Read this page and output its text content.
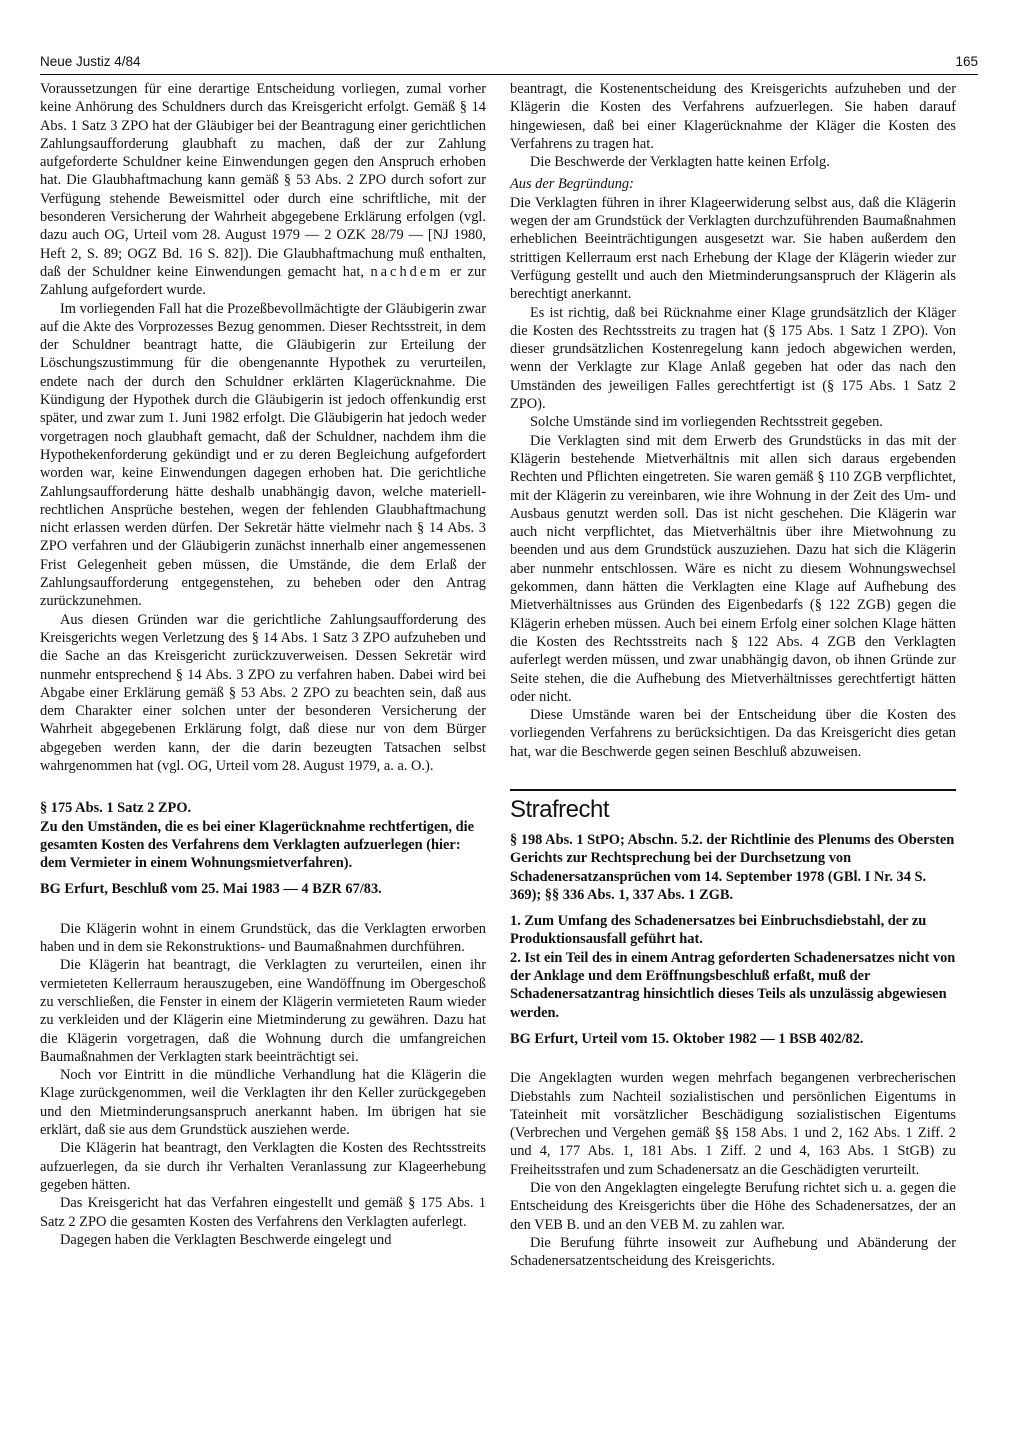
Neue Justiz 4/84	165

Voraussetzungen für eine derartige Entscheidung vorliegen, zumal vorher keine Anhörung des Schuldners durch das Kreisgericht erfolgt. Gemäß § 14 Abs. 1 Satz 3 ZPO hat der Gläubiger bei der Beantragung einer gerichtlichen Zahlungsaufforderung glaubhaft zu machen, daß der zur Zahlung aufgeforderte Schuldner keine Einwendungen gegen den Anspruch erhoben hat. Die Glaubhaftmachung kann gemäß § 53 Abs. 2 ZPO durch sofort zur Verfügung stehende Beweismittel oder durch eine schriftliche, mit der besonderen Versicherung der Wahrheit abgegebene Erklärung erfolgen (vgl. dazu auch OG, Urteil vom 28. August 1979 — 2 OZK 28/79 — [NJ 1980, Heft 2, S. 89; OGZ Bd. 16 S. 82]). Die Glaubhaftmachung muß enthalten, daß der Schuldner keine Einwendungen gemacht hat, nachdem er zur Zahlung aufgefordert wurde.

Im vorliegenden Fall hat die Prozeßbevollmächtigte der Gläubigerin zwar auf die Akte des Vorprozesses Bezug genommen. Dieser Rechtsstreit, in dem der Schuldner beantragt hatte, die Gläubigerin zur Erteilung der Löschungszustimmung für die obengenannte Hypothek zu verurteilen, endete nach der durch den Schuldner erklärten Klagerücknahme. Die Kündigung der Hypothek durch die Gläubigerin ist jedoch offenkundig erst später, und zwar zum 1. Juni 1982 erfolgt. Die Gläubigerin hat jedoch weder vorgetragen noch glaubhaft gemacht, daß der Schuldner, nachdem ihm die Hypothekenforderung gekündigt und er zu deren Begleichung aufgefordert worden war, keine Einwendungen dagegen erhoben hat. Die gerichtliche Zahlungsaufforderung hätte deshalb unabhängig davon, welche materiell-rechtlichen Ansprüche bestehen, wegen der fehlenden Glaubhaftmachung nicht erlassen werden dürfen. Der Sekretär hätte vielmehr nach § 14 Abs. 3 ZPO verfahren und der Gläubigerin zunächst innerhalb einer angemessenen Frist Gelegenheit geben müssen, die Umstände, die dem Erlaß der Zahlungsaufforderung entgegenstehen, zu beheben oder den Antrag zurückzunehmen.

Aus diesen Gründen war die gerichtliche Zahlungsaufforderung des Kreisgerichts wegen Verletzung des § 14 Abs. 1 Satz 3 ZPO aufzuheben und die Sache an das Kreisgericht zurückzuverweisen. Dessen Sekretär wird nunmehr entsprechend § 14 Abs. 3 ZPO zu verfahren haben. Dabei wird bei Abgabe einer Erklärung gemäß § 53 Abs. 2 ZPO zu beachten sein, daß aus dem Charakter einer solchen unter der besonderen Versicherung der Wahrheit abgegebenen Erklärung folgt, daß diese nur von dem Bürger abgegeben werden kann, der die darin bezeugten Tatsachen selbst wahrgenommen hat (vgl. OG, Urteil vom 28. August 1979, a. a. O.).

§ 175 Abs. 1 Satz 2 ZPO.

Zu den Umständen, die es bei einer Klagerücknahme rechtfertigen, die gesamten Kosten des Verfahrens dem Verklagten aufzuerlegen (hier: dem Vermieter in einem Wohnungsmietverfahren).

BG Erfurt, Beschluß vom 25. Mai 1983 — 4 BZR 67/83.

Die Klägerin wohnt in einem Grundstück, das die Verklagten erworben haben und in dem sie Rekonstruktions- und Baumaßnahmen durchführen.

Die Klägerin hat beantragt, die Verklagten zu verurteilen, einen ihr vermieteten Kellerraum herauszugeben, eine Wandöffnung im Obergeschoß zu verschließen, die Fenster in einem der Klägerin vermieteten Raum wieder zu verkleiden und der Klägerin eine Mietminderung zu gewähren. Dazu hat die Klägerin vorgetragen, daß die Wohnung durch die umfangreichen Baumaßnahmen der Verklagten stark beeinträchtigt sei.

Noch vor Eintritt in die mündliche Verhandlung hat die Klägerin die Klage zurückgenommen, weil die Verklagten ihr den Keller zurückgegeben und den Mietminderungsanspruch anerkannt haben. Im übrigen hat sie erklärt, daß sie aus dem Grundstück ausziehen werde.

Die Klägerin hat beantragt, den Verklagten die Kosten des Rechtsstreits aufzuerlegen, da sie durch ihr Verhalten Veranlassung zur Klageerhebung gegeben hätten.

Das Kreisgericht hat das Verfahren eingestellt und gemäß § 175 Abs. 1 Satz 2 ZPO die gesamten Kosten des Verfahrens den Verklagten auferlegt.

Dagegen haben die Verklagten Beschwerde eingelegt und

beantragt, die Kostenentscheidung des Kreisgerichts aufzuheben und der Klägerin die Kosten des Verfahrens aufzuerlegen. Sie haben darauf hingewiesen, daß bei einer Klagerücknahme der Kläger die Kosten des Verfahrens zu tragen hat.

Die Beschwerde der Verklagten hatte keinen Erfolg.

Aus der Begründung:

Die Verklagten führen in ihrer Klageerwiderung selbst aus, daß die Klägerin wegen der am Grundstück der Verklagten durchzuführenden Baumaßnahmen erheblichen Beeinträchtigungen ausgesetzt war. Sie haben außerdem den strittigen Kellerraum erst nach Erhebung der Klage der Klägerin wieder zur Verfügung gestellt und auch den Mietminderungsanspruch der Klägerin als berechtigt anerkannt.

Es ist richtig, daß bei Rücknahme einer Klage grundsätzlich der Kläger die Kosten des Rechtsstreits zu tragen hat (§ 175 Abs. 1 Satz 1 ZPO). Von dieser grundsätzlichen Kostenregelung kann jedoch abgewichen werden, wenn der Verklagte zur Klage Anlaß gegeben hat oder das nach den Umständen des jeweiligen Falles gerechtfertigt ist (§ 175 Abs. 1 Satz 2 ZPO).

Solche Umstände sind im vorliegenden Rechtsstreit gegeben.

Die Verklagten sind mit dem Erwerb des Grundstücks in das mit der Klägerin bestehende Mietverhältnis mit allen sich daraus ergebenden Rechten und Pflichten eingetreten. Sie waren gemäß § 110 ZGB verpflichtet, mit der Klägerin zu vereinbaren, wie ihre Wohnung in der Zeit des Um- und Ausbaus genutzt werden soll. Das ist nicht geschehen. Die Klägerin war auch nicht verpflichtet, das Mietverhältnis über ihre Mietwohnung zu beenden und aus dem Grundstück auszuziehen. Dazu hat sich die Klägerin aber nunmehr entschlossen. Wäre es nicht zu diesem Wohnungswechsel gekommen, dann hätten die Verklagten eine Klage auf Aufhebung des Mietverhältnisses aus Gründen des Eigenbedarfs (§ 122 ZGB) gegen die Klägerin erheben müssen. Auch bei einem Erfolg einer solchen Klage hätten die Kosten des Rechtsstreits nach § 122 Abs. 4 ZGB den Verklagten auferlegt werden müssen, und zwar unabhängig davon, ob ihnen Gründe zur Seite stehen, die die Aufhebung des Mietverhältnisses gerechtfertigt hätten oder nicht.

Diese Umstände waren bei der Entscheidung über die Kosten des vorliegenden Verfahrens zu berücksichtigen. Da das Kreisgericht dies getan hat, war die Beschwerde gegen seinen Beschluß abzuweisen.

Strafrecht

§ 198 Abs. 1 StPO; Abschn. 5.2. der Richtlinie des Plenums des Obersten Gerichts zur Rechtsprechung bei der Durchsetzung von Schadenersatzansprüchen vom 14. September 1978 (GBl. I Nr. 34 S. 369); §§ 336 Abs. 1, 337 Abs. 1 ZGB.

1. Zum Umfang des Schadenersatzes bei Einbruchsdiebstahl, der zu Produktionsausfall geführt hat.

2. Ist ein Teil des in einem Antrag geforderten Schadenersatzes nicht von der Anklage und dem Eröffnungsbeschluß erfaßt, muß der Schadenersatzantrag hinsichtlich dieses Teils als unzulässig abgewiesen werden.

BG Erfurt, Urteil vom 15. Oktober 1982 — 1 BSB 402/82.

Die Angeklagten wurden wegen mehrfach begangenen verbrecherischen Diebstahls zum Nachteil sozialistischen und persönlichen Eigentums in Tateinheit mit vorsätzlicher Beschädigung sozialistischen Eigentums (Verbrechen und Vergehen gemäß §§ 158 Abs. 1 und 2, 162 Abs. 1 Ziff. 2 und 4, 177 Abs. 1, 181 Abs. 1 Ziff. 2 und 4, 163 Abs. 1 StGB) zu Freiheitsstrafen und zum Schadenersatz an die Geschädigten verurteilt.

Die von den Angeklagten eingelegte Berufung richtet sich u. a. gegen die Entscheidung des Kreisgerichts über die Höhe des Schadenersatzes, der an den VEB B. und an den VEB M. zu zahlen war.

Die Berufung führte insoweit zur Aufhebung und Abänderung der Schadenersatzentscheidung des Kreisgerichts.
